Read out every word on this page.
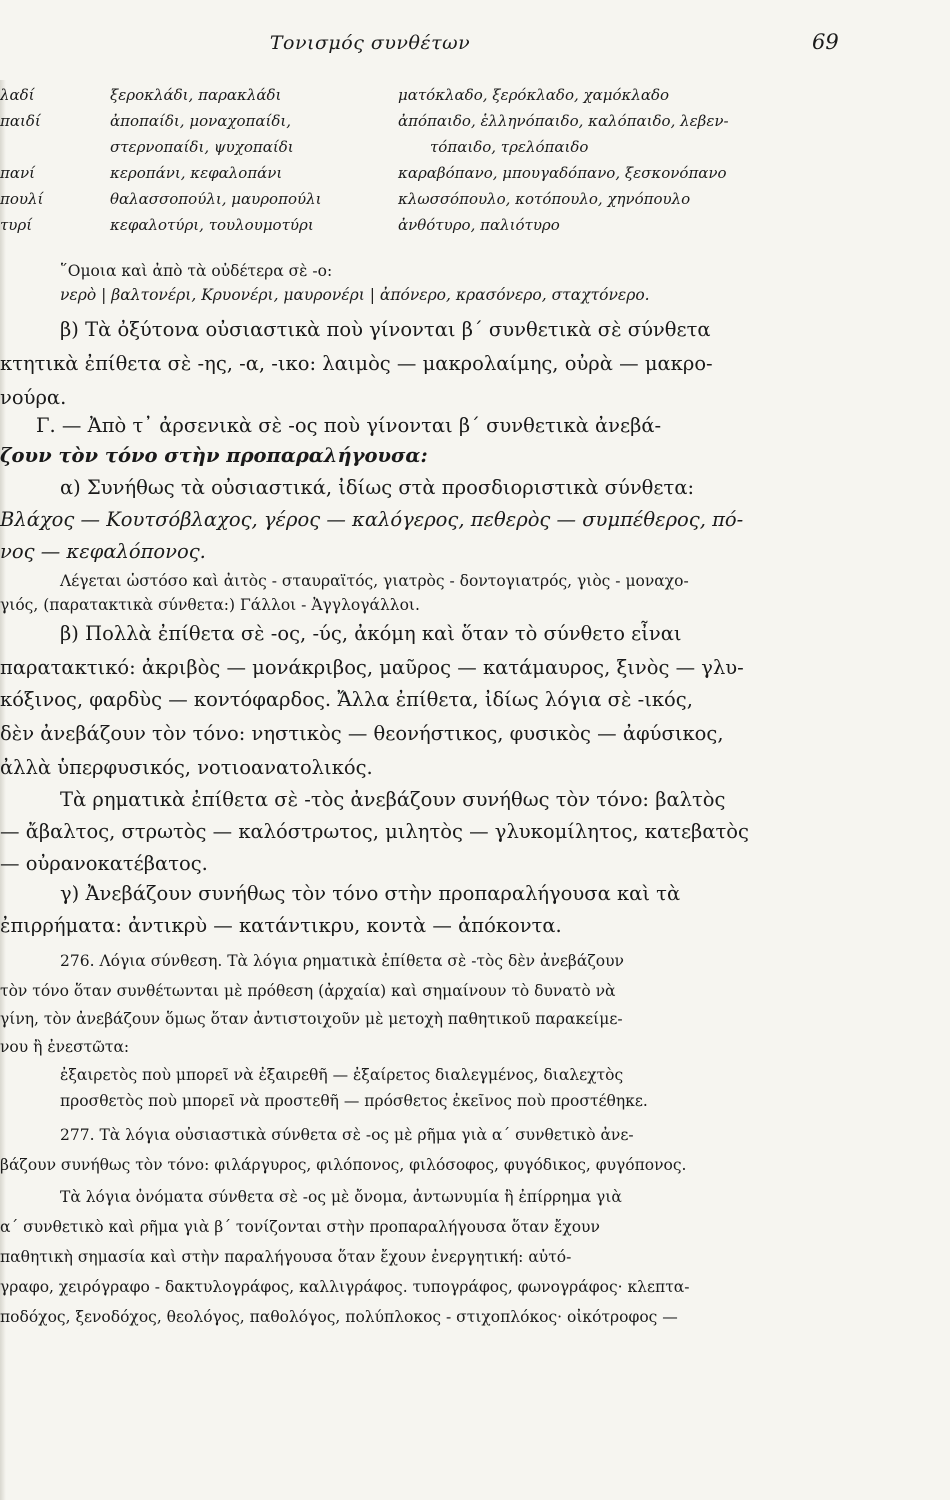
Τονισμός συνθέτων	69
λαδί	ξεροκλάδι, παρακλάδι	ματόκλαδο, ξερόκλαδο, χαμόκλαδο
παιδί	ἀποπαίδι, μοναχοπαίδι,	ἀπόπαιδο, ἑλληνόπαιδο, καλόπαιδο, λεβεν-
στερνοπαίδι, ψυχοπαίδι	τόπαιδο, τρελόπαιδο
πανί	κεροπάνι, κεφαλοπάνι	καραβόπανο, μπουγαδόπανο, ξεσκονόπανο
πουλί	θαλασσοπούλι, μαυροπούλι	κλωσσόπουλο, κοτόπουλο, χηνόπουλο
τυρί	κεφαλοτύρι, τουλουμοτύρι	ἀνθότυρο, παλιότυρο
῞Ομοια καὶ ἀπὸ τὰ οὐδέτερα σὲ -ο:
νερὸ | βαλτονέρι, Κρυονέρι, μαυρονέρι | ἀπόνερο, κρασόνερο, σταχτόνερο.
β) Τὰ ὀξύτονα οὐσιαστικὰ ποὺ γίνονται β΄ συνθετικὰ σὲ σύνθετα
κτητικὰ ἐπίθετα σὲ -ης, -α, -ικο: λαιμὸς — μακρολαίμης, οὐρὰ — μακρο-
νούρα.
Γ. — Ἀπὸ τ᾿ ἀρσενικὰ σὲ -ος ποὺ γίνονται β΄ συνθετικὰ ἀνεβά-
ζουν τὸν τόνο στὴν προπαραλήγουσα:
α) Συνήθως τὰ οὐσιαστικά, ἰδίως στὰ προσδιοριστικὰ σύνθετα:
Βλάχος — Κουτσόβλαχος, γέρος — καλόγερος, πεθερὸς — συμπέθερος, πό-
νος — κεφαλόπονος.
Λέγεται ὡστόσο καὶ ἀιτὸς - σταυραϊτός, γιατρὸς - δοντογιατρός, γιὸς - μοναχο-
γιός, (παρατακτικὰ σύνθετα:) Γάλλοι - Ἀγγλογάλλοι.
β) Πολλὰ ἐπίθετα σὲ -ος, -ύς, ἀκόμη καὶ ὅταν τὸ σύνθετο εἶναι
παρατακτικό: ἀκριβὸς — μονάκριβος, μαῦρος — κατάμαυρος, ξινὸς — γλυ-
κόξινος, φαρδὺς — κοντόφαρδος. Ἄλλα ἐπίθετα, ἰδίως λόγια σὲ -ικός,
δὲν ἀνεβάζουν τὸν τόνο: νηστικὸς — θεονήστικος, φυσικὸς — ἀφύσικος,
ἀλλὰ ὑπερφυσικός, νοτιοανατολικός.
Τὰ ρηματικὰ ἐπίθετα σὲ -τὸς ἀνεβάζουν συνήθως τὸν τόνο: βαλτὸς
— ἄβαλτος, στρωτὸς — καλόστρωτος, μιλητὸς — γλυκομίλητος, κατεβατὸς
— οὐρανοκατέβατος.
γ) Ἀνεβάζουν συνήθως τὸν τόνο στὴν προπαραλήγουσα καὶ τὰ
ἐπιρρήματα: ἀντικρὺ — κατάντικρυ, κοντὰ — ἀπόκοντα.
276. Λόγια σύνθεση. Τὰ λόγια ρηματικὰ ἐπίθετα σὲ -τὸς δὲν ἀνεβάζουν
τὸν τόνο ὅταν συνθέτωνται μὲ πρόθεση (ἀρχαία) καὶ σημαίνουν τὸ δυνατὸ νὰ
γίνη, τὸν ἀνεβάζουν ὅμως ὅταν ἀντιστοιχοῦν μὲ μετοχὴ παθητικοῦ παρακείμε-
νου ἢ ἐνεστῶτα:
ἐξαιρετὸς ποὺ μπορεῖ νὰ ἐξαιρεθῆ — ἐξαίρετος διαλεγμένος, διαλεχτὸς
προσθετὸς ποὺ μπορεῖ νὰ προστεθῆ — πρόσθετος ἐκεῖνος ποὺ προστέθηκε.
277. Τὰ λόγια οὐσιαστικὰ σύνθετα σὲ -ος μὲ ρῆμα γιὰ α΄ συνθετικὸ ἀνε-
βάζουν συνήθως τὸν τόνο: φιλάργυρος, φιλόπονος, φιλόσοφος, φυγόδικος, φυγόπονος.
Τὰ λόγια ὀνόματα σύνθετα σὲ -ος μὲ ὄνομα, ἀντωνυμία ἢ ἐπίρρημα γιὰ
α΄ συνθετικὸ καὶ ρῆμα γιὰ β΄ τονίζονται στὴν προπαραλήγουσα ὅταν ἔχουν
παθητικὴ σημασία καὶ στὴν παραλήγουσα ὅταν ἔχουν ἐνεργητική: αὐτό-
γραφο, χειρόγραφο - δακτυλογράφος, καλλιγράφος. τυπογράφος, φωνογράφος· κλεπτα-
ποδόχος, ξενοδόχος, θεολόγος, παθολόγος, πολύπλοκος - στιχοπλόκος· οἰκότροφος —
